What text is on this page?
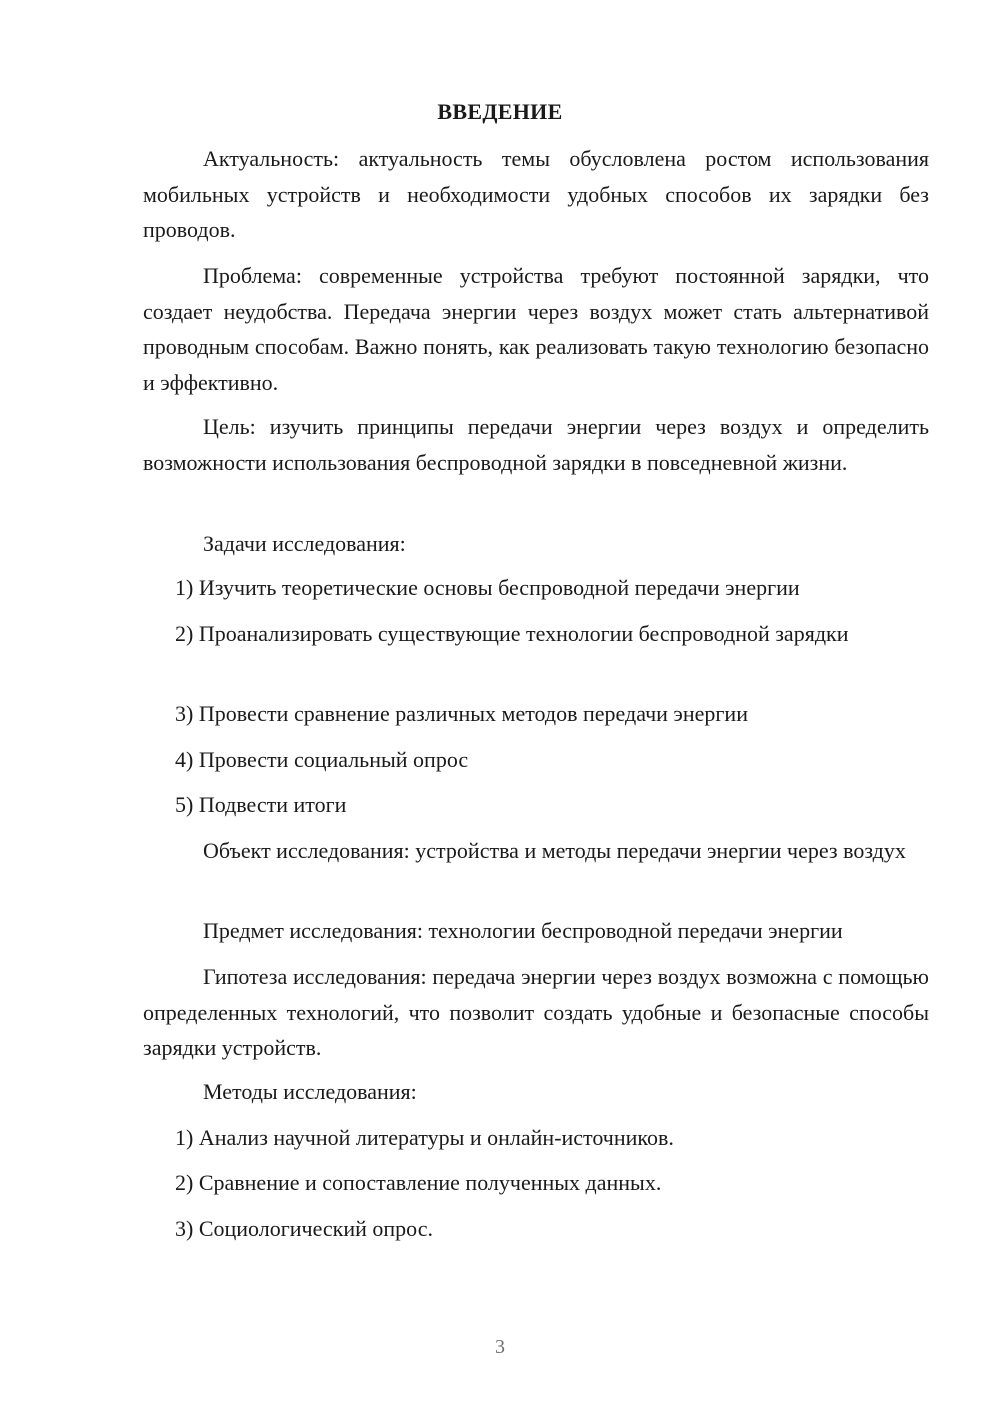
ВВЕДЕНИЕ

Актуальность: актуальность темы обусловлена ростом использования мобильных устройств и необходимости удобных способов их зарядки без проводов.

Проблема: современные устройства требуют постоянной зарядки, что создает неудобства. Передача энергии через воздух может стать альтернативой проводным способам. Важно понять, как реализовать такую технологию безопасно и эффективно.

Цель: изучить принципы передачи энергии через воздух и определить возможности использования беспроводной зарядки в повседневной жизни.

Задачи исследования:

1) Изучить теоретические основы беспроводной передачи энергии

2) Проанализировать существующие технологии беспроводной зарядки

3) Провести сравнение различных методов передачи энергии

4) Провести социальный опрос

5) Подвести итоги

Объект исследования: устройства и методы передачи энергии через воздух

Предмет исследования: технологии беспроводной передачи энергии

Гипотеза исследования: передача энергии через воздух возможна с помощью определенных технологий, что позволит создать удобные и безопасные способы зарядки устройств.

Методы исследования:

1) Анализ научной литературы и онлайн-источников.

2) Сравнение и сопоставление полученных данных.

3) Социологический опрос.

3
